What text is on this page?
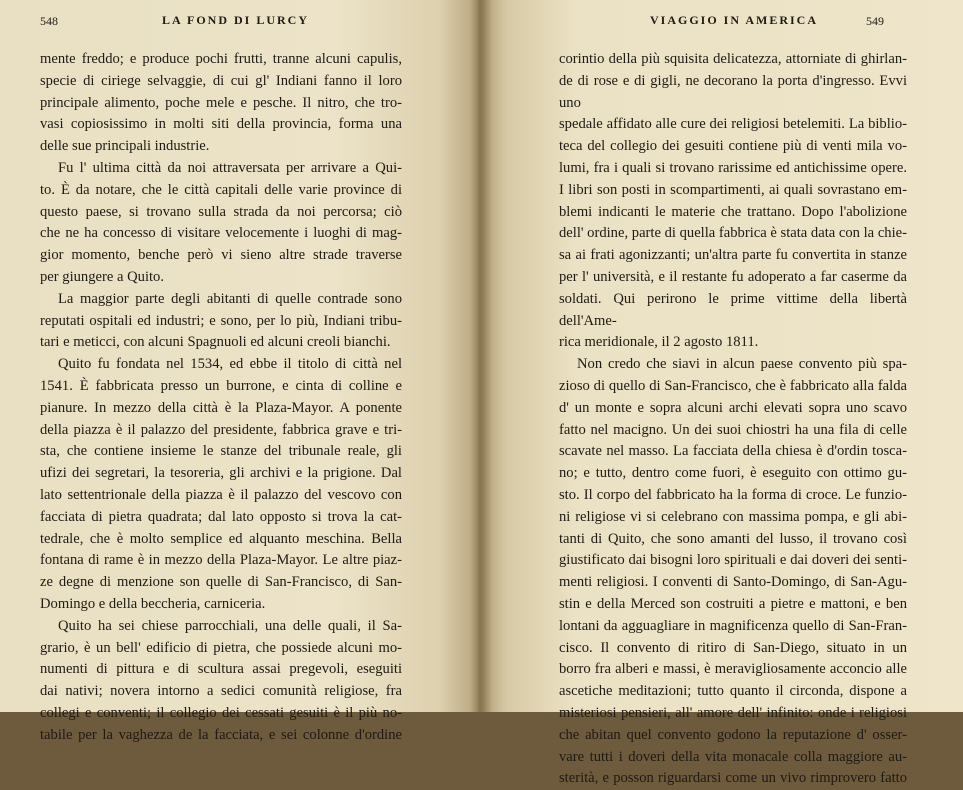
548	LA FOND DI LURCY

mente freddo; e produce pochi frutti, tranne alcuni capulis,

specie di ciriege selvaggie, di cui gl' Indiani fanno il loro

principale alimento, poche mele e pesche. Il nitro, che tro-

vasi copiosissimo in molti siti della provincia, forma una

delle sue principali industrie.

Fu l' ultima città da noi attraversata per arrivare a Qui-

to. È da notare, che le città capitali delle varie province di

questo paese, si trovano sulla strada da noi percorsa; ciò

che ne ha concesso di visitare velocemente i luoghi di mag-

gior momento, benche però vi sieno altre strade traverse

per giungere a Quito.

La maggior parte degli abitanti di quelle contrade sono

reputati ospitali ed industri; e sono, per lo più, Indiani tribu-

tari e meticci, con alcuni Spagnuoli ed alcuni creoli bianchi.

Quito fu fondata nel 1534, ed ebbe il titolo di città nel

1541. È fabbricata presso un burrone, e cinta di colline e

pianure. In mezzo della città è la Plaza-Mayor. A ponente

della piazza è il palazzo del presidente, fabbrica grave e tri-

sta, che contiene insieme le stanze del tribunale reale, gli

ufizi dei segretari, la tesoreria, gli archivi e la prigione. Dal

lato settentrionale della piazza è il palazzo del vescovo con

facciata di pietra quadrata; dal lato opposto si trova la cat-

tedrale, che è molto semplice ed alquanto meschina. Bella

fontana di rame è in mezzo della Plaza-Mayor. Le altre piaz-

ze degne di menzione son quelle di San-Francisco, di San-

Domingo e della beccheria, carniceria.

Quito ha sei chiese parrocchiali, una delle quali, il Sa-

grario, è un bell' edificio di pietra, che possiede alcuni mo-

numenti di pittura e di scultura assai pregevoli, eseguiti

dai nativi; novera intorno a sedici comunità religiose, fra

collegi e conventi; il collegio dei cessati gesuiti è il più no-

tabile per la vaghezza de la facciata, e sei colonne d'ordine

VIAGGIO IN AMERICA	549

corintio della più squisita delicatezza, attorniate di ghirlan-

de di rose e di gigli, ne decorano la porta d'ingresso. Evvi uno

spedale affidato alle cure dei religiosi betelemiti. La biblio-

teca del collegio dei gesuiti contiene più di venti mila vo-

lumi, fra i quali si trovano rarissime ed antichissime opere.

I libri son posti in scompartimenti, ai quali sovrastano em-

blemi indicanti le materie che trattano. Dopo l'abolizione

dell' ordine, parte di quella fabbrica è stata data con la chie-

sa ai frati agonizzanti; un'altra parte fu convertita in stanze

per l' università, e il restante fu adoperato a far caserme da

soldati. Qui perirono le prime vittime della libertà dell'Ame-

rica meridionale, il 2 agosto 1811.

Non credo che siavi in alcun paese convento più spa-

zioso di quello di San-Francisco, che è fabbricato alla falda

d' un monte e sopra alcuni archi elevati sopra uno scavo

fatto nel macigno. Un dei suoi chiostri ha una fila di celle

scavate nel masso. La facciata della chiesa è d'ordin tosca-

no; e tutto, dentro come fuori, è eseguito con ottimo gu-

sto. Il corpo del fabbricato ha la forma di croce. Le funzio-

ni religiose vi si celebrano con massima pompa, e gli abi-

tanti di Quito, che sono amanti del lusso, il trovano così

giustificato dai bisogni loro spirituali e dai doveri dei senti-

menti religiosi. I conventi di Santo-Domingo, di San-Agu-

stin e della Merced son costruiti a pietre e mattoni, e ben

lontani da agguagliare in magnificenza quello di San-Fran-

cisco. Il convento di ritiro di San-Diego, situato in un

borro fra alberi e massi, è meravigliosamente acconcio alle

ascetiche meditazioni; tutto quanto il circonda, dispone a

misteriosi pensieri, all' amore dell' infinito: onde i religiosi

che abitan quel convento godono la reputazione d' osser-

vare tutti i doveri della vita monacale colla maggiore au-

sterità, e posson riguardarsi come un vivo rimprovero fatto
